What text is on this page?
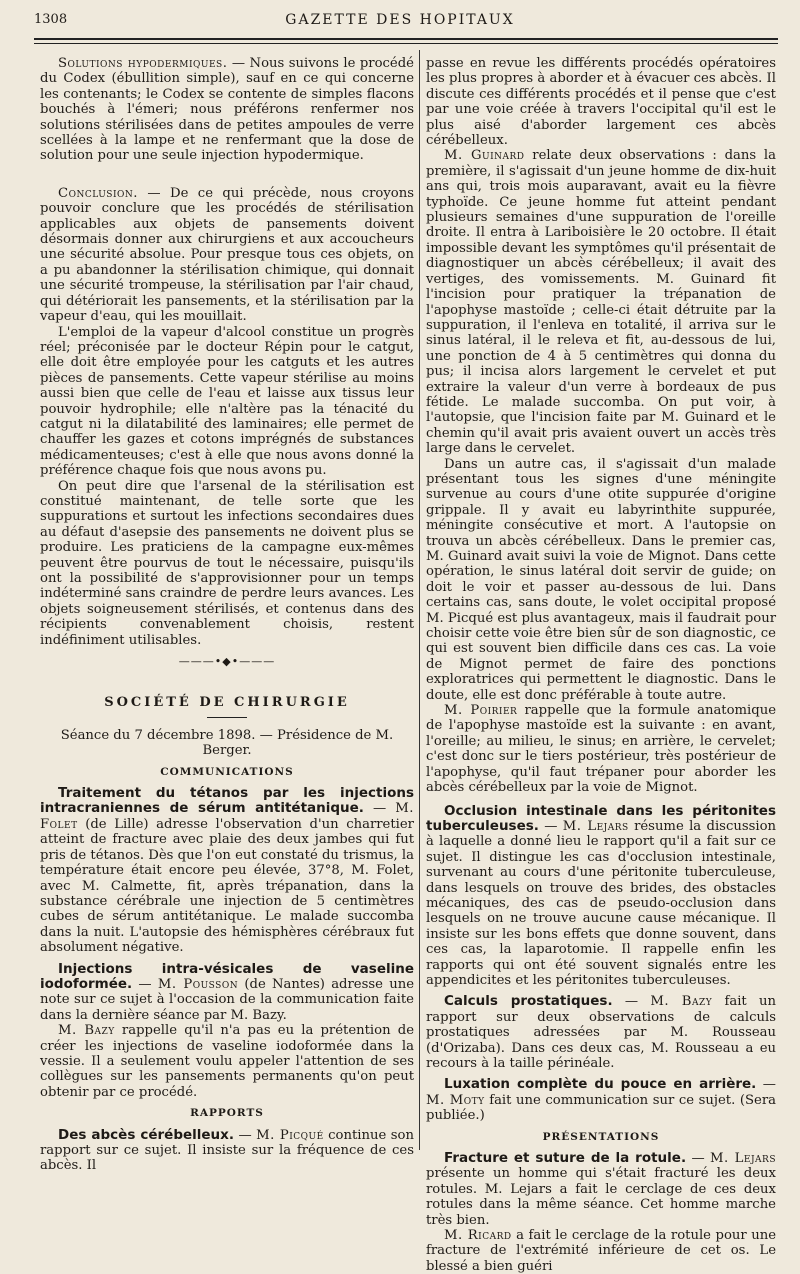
1308	GAZETTE DES HOPITAUX

Solutions hypodermiques. — Nous suivons le procédé du Codex (ébullition simple), sauf en ce qui concerne les contenants; le Codex se contente de simples flacons bouchés à l'émeri; nous préférons renfermer nos solutions stérilisées dans de petites ampoules de verre scellées à la lampe et ne renfermant que la dose de solution pour une seule injection hypodermique.

Conclusion. — De ce qui précède, nous croyons pouvoir conclure que les procédés de stérilisation applicables aux objets de pansements doivent désormais donner aux chirurgiens et aux accoucheurs une sécurité absolue. Pour presque tous ces objets, on a pu abandonner la stérilisation chimique, qui donnait une sécurité trompeuse, la stérilisation par l'air chaud, qui détériorait les pansements, et la stérilisation par la vapeur d'eau, qui les mouillait.

L'emploi de la vapeur d'alcool constitue un progrès réel; préconisée par le docteur Répin pour le catgut, elle doit être employée pour les catguts et les autres pièces de pansements. Cette vapeur stérilise au moins aussi bien que celle de l'eau et laisse aux tissus leur pouvoir hydrophile; elle n'altère pas la ténacité du catgut ni la dilatabilité des laminaires; elle permet de chauffer les gazes et cotons imprégnés de substances médicamenteuses; c'est à elle que nous avons donné la préférence chaque fois que nous avons pu.

On peut dire que l'arsenal de la stérilisation est constitué maintenant, de telle sorte que les suppurations et surtout les infections secondaires dues au défaut d'asepsie des pansements ne doivent plus se produire. Les praticiens de la campagne eux-mêmes peuvent être pourvus de tout le nécessaire, puisqu'ils ont la possibilité de s'approvisionner pour un temps indéterminé sans craindre de perdre leurs avances. Les objets soigneusement stérilisés, et contenus dans des récipients convenablement choisis, restent indéfiniment utilisables.

———•◆•———
SOCIÉTÉ DE CHIRURGIE

Séance du 7 décembre 1898. — Présidence de M. Berger.

COMMUNICATIONS

Traitement du tétanos par les injections intracraniennes de sérum antitétanique. — M. Folet (de Lille) adresse l'observation d'un charretier atteint de fracture avec plaie des deux jambes qui fut pris de tétanos. Dès que l'on eut constaté du trismus, la température était encore peu élevée, 37°8, M. Folet, avec M. Calmette, fit, après trépanation, dans la substance cérébrale une injection de 5 centimètres cubes de sérum antitétanique. Le malade succomba dans la nuit. L'autopsie des hémisphères cérébraux fut absolument négative.

Injections intra-vésicales de vaseline iodoformée. — M. Pousson (de Nantes) adresse une note sur ce sujet à l'occasion de la communication faite dans la dernière séance par M. Bazy.

M. Bazy rappelle qu'il n'a pas eu la prétention de créer les injections de vaseline iodoformée dans la vessie. Il a seulement voulu appeler l'attention de ses collègues sur les pansements permanents qu'on peut obtenir par ce procédé.

RAPPORTS

Des abcès cérébelleux. — M. Picqué continue son rapport sur ce sujet. Il insiste sur la fréquence de ces abcès. Il

passe en revue les différents procédés opératoires les plus propres à aborder et à évacuer ces abcès. Il discute ces différents procédés et il pense que c'est par une voie créée à travers l'occipital qu'il est le plus aisé d'aborder largement ces abcès cérébelleux.

M. Guinard relate deux observations : dans la première, il s'agissait d'un jeune homme de dix-huit ans qui, trois mois auparavant, avait eu la fièvre typhoïde. Ce jeune homme fut atteint pendant plusieurs semaines d'une suppuration de l'oreille droite. Il entra à Lariboisière le 20 octobre. Il était impossible devant les symptômes qu'il présentait de diagnostiquer un abcès cérébelleux; il avait des vertiges, des vomissements. M. Guinard fit l'incision pour pratiquer la trépanation de l'apophyse mastoïde ; celle-ci était détruite par la suppuration, il l'enleva en totalité, il arriva sur le sinus latéral, il le releva et fit, au-dessous de lui, une ponction de 4 à 5 centimètres qui donna du pus; il incisa alors largement le cervelet et put extraire la valeur d'un verre à bordeaux de pus fétide. Le malade succomba. On put voir, à l'autopsie, que l'incision faite par M. Guinard et le chemin qu'il avait pris avaient ouvert un accès très large dans le cervelet.

Dans un autre cas, il s'agissait d'un malade présentant tous les signes d'une méningite survenue au cours d'une otite suppurée d'origine grippale. Il y avait eu labyrinthite suppurée, méningite consécutive et mort. A l'autopsie on trouva un abcès cérébelleux. Dans le premier cas, M. Guinard avait suivi la voie de Mignot. Dans cette opération, le sinus latéral doit servir de guide; on doit le voir et passer au-dessous de lui. Dans certains cas, sans doute, le volet occipital proposé M. Picqué est plus avantageux, mais il faudrait pour choisir cette voie être bien sûr de son diagnostic, ce qui est souvent bien difficile dans ces cas. La voie de Mignot permet de faire des ponctions exploratrices qui permettent le diagnostic. Dans le doute, elle est donc préférable à toute autre.

M. Poirier rappelle que la formule anatomique de l'apophyse mastoïde est la suivante : en avant, l'oreille; au milieu, le sinus; en arrière, le cervelet; c'est donc sur le tiers postérieur, très postérieur de l'apophyse, qu'il faut trépaner pour aborder les abcès cérébelleux par la voie de Mignot.

Occlusion intestinale dans les péritonites tuberculeuses. — M. Lejars résume la discussion à laquelle a donné lieu le rapport qu'il a fait sur ce sujet. Il distingue les cas d'occlusion intestinale, survenant au cours d'une péritonite tuberculeuse, dans lesquels on trouve des brides, des obstacles mécaniques, des cas de pseudo-occlusion dans lesquels on ne trouve aucune cause mécanique. Il insiste sur les bons effets que donne souvent, dans ces cas, la laparotomie. Il rappelle enfin les rapports qui ont été souvent signalés entre les appendicites et les péritonites tuberculeuses.

Calculs prostatiques. — M. Bazy fait un rapport sur deux observations de calculs prostatiques adressées par M. Rousseau (d'Orizaba). Dans ces deux cas, M. Rousseau a eu recours à la taille périnéale.

Luxation complète du pouce en arrière. — M. Moty fait une communication sur ce sujet. (Sera publiée.)

PRÉSENTATIONS

Fracture et suture de la rotule. — M. Lejars présente un homme qui s'était fracturé les deux rotules. M. Lejars a fait le cerclage de ces deux rotules dans la même séance. Cet homme marche très bien.

M. Ricard a fait le cerclage de la rotule pour une fracture de l'extrémité inférieure de cet os. Le blessé a bien guéri
